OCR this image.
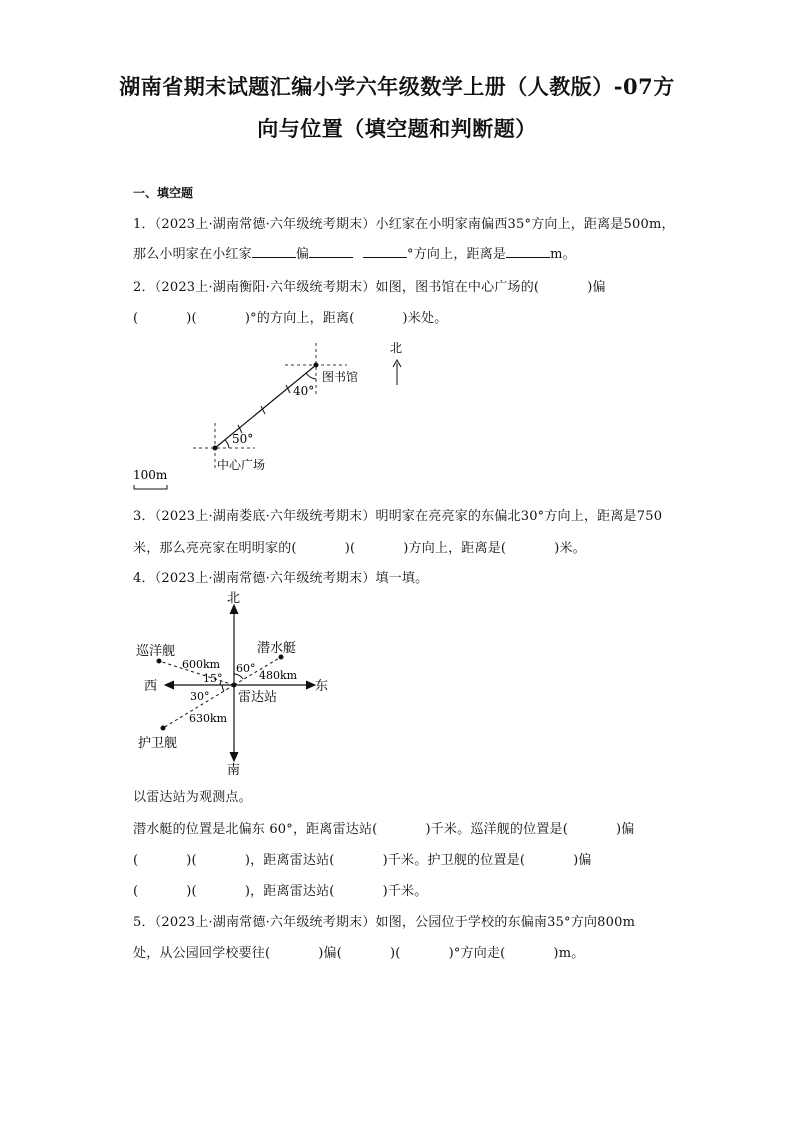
湖南省期末试题汇编小学六年级数学上册（人教版）-07方
向与位置（填空题和判断题）
一、填空题
1．（2023上·湖南常德·六年级统考期末）小红家在小明家南偏西35°方向上，距离是500m，
那么小明家在小红家	偏	°方向上，距离是	m。
2．（2023上·湖南衡阳·六年级统考期末）如图，图书馆在中心广场的(	)偏
(	)(	)°的方向上，距离(	)米处。
图书馆
40°
50°
中心广场
北
100m
3．（2023上·湖南娄底·六年级统考期末）明明家在亮亮家的东偏北30°方向上，距离是750
米，那么亮亮家在明明家的(	)(	)方向上，距离是(	)米。
4．（2023上·湖南常德·六年级统考期末）填一填。
北
南
东
西
潜水艇
巡洋舰
护卫舰
雷达站
600km
480km
630km
60°
15°
30°
以雷达站为观测点。
潜水艇的位置是北偏东 60°，距离雷达站(	)千米。巡洋舰的位置是(	)偏
(	)(	)，距离雷达站(	)千米。护卫舰的位置是(	)偏
(	)(	)，距离雷达站(	)千米。
5．（2023上·湖南常德·六年级统考期末）如图，公园位于学校的东偏南35°方向800m
处，从公园回学校要往(	)偏(	)(	)°方向走(	)m。
